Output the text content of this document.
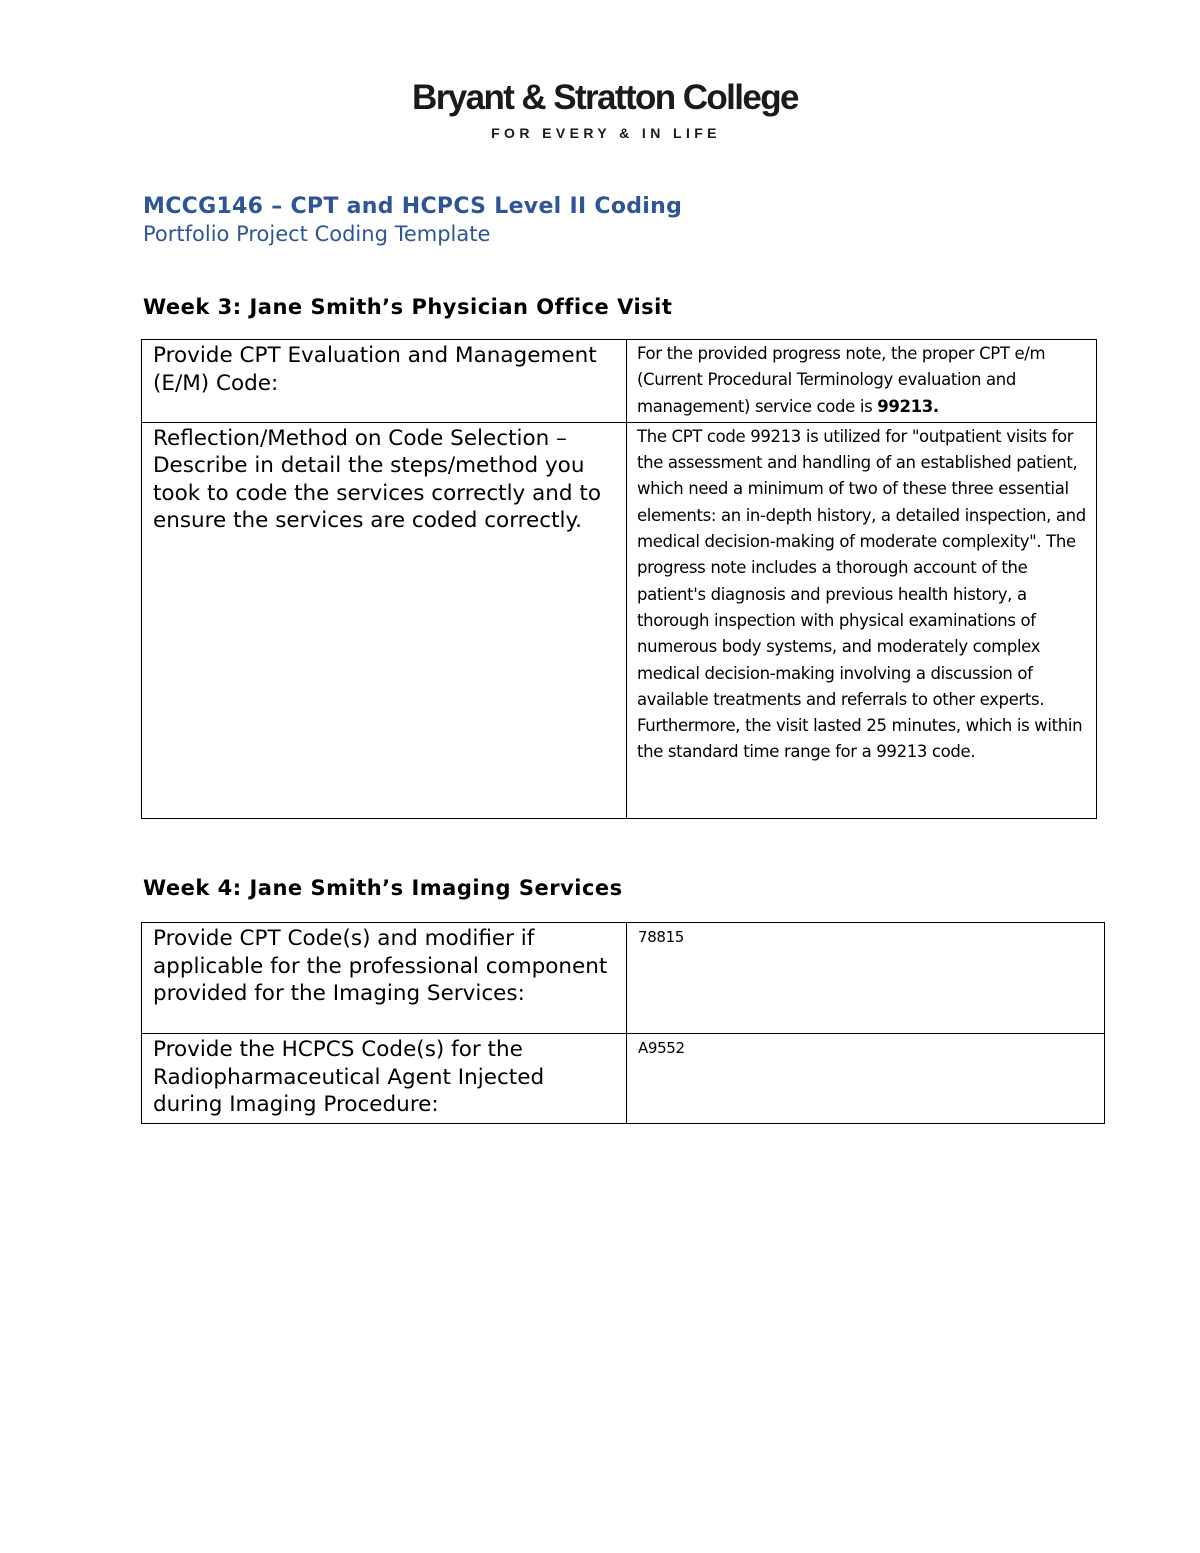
Bryant & Stratton College
FOR EVERY & IN LIFE
MCCG146 – CPT and HCPCS Level II Coding
Portfolio Project Coding Template
Week 3: Jane Smith’s Physician Office Visit
Provide CPT Evaluation and Management (E/M) Code:	For the provided progress note, the proper CPT e/m (Current Procedural Terminology evaluation and management) service code is 99213.

Reflection/Method on Code Selection – Describe in detail the steps/method you took to code the services correctly and to ensure the services are coded correctly.	The CPT code 99213 is utilized for "outpatient visits for the assessment and handling of an established patient, which need a minimum of two of these three essential elements: an in-depth history, a detailed inspection, and medical decision-making of moderate complexity". The progress note includes a thorough account of the patient's diagnosis and previous health history, a thorough inspection with physical examinations of numerous body systems, and moderately complex medical decision-making involving a discussion of available treatments and referrals to other experts. Furthermore, the visit lasted 25 minutes, which is within the standard time range for a 99213 code.
Week 4: Jane Smith’s Imaging Services
Provide CPT Code(s) and modifier if applicable for the professional component provided for the Imaging Services:	78815

Provide the HCPCS Code(s) for the Radiopharmaceutical Agent Injected during Imaging Procedure:	A9552
